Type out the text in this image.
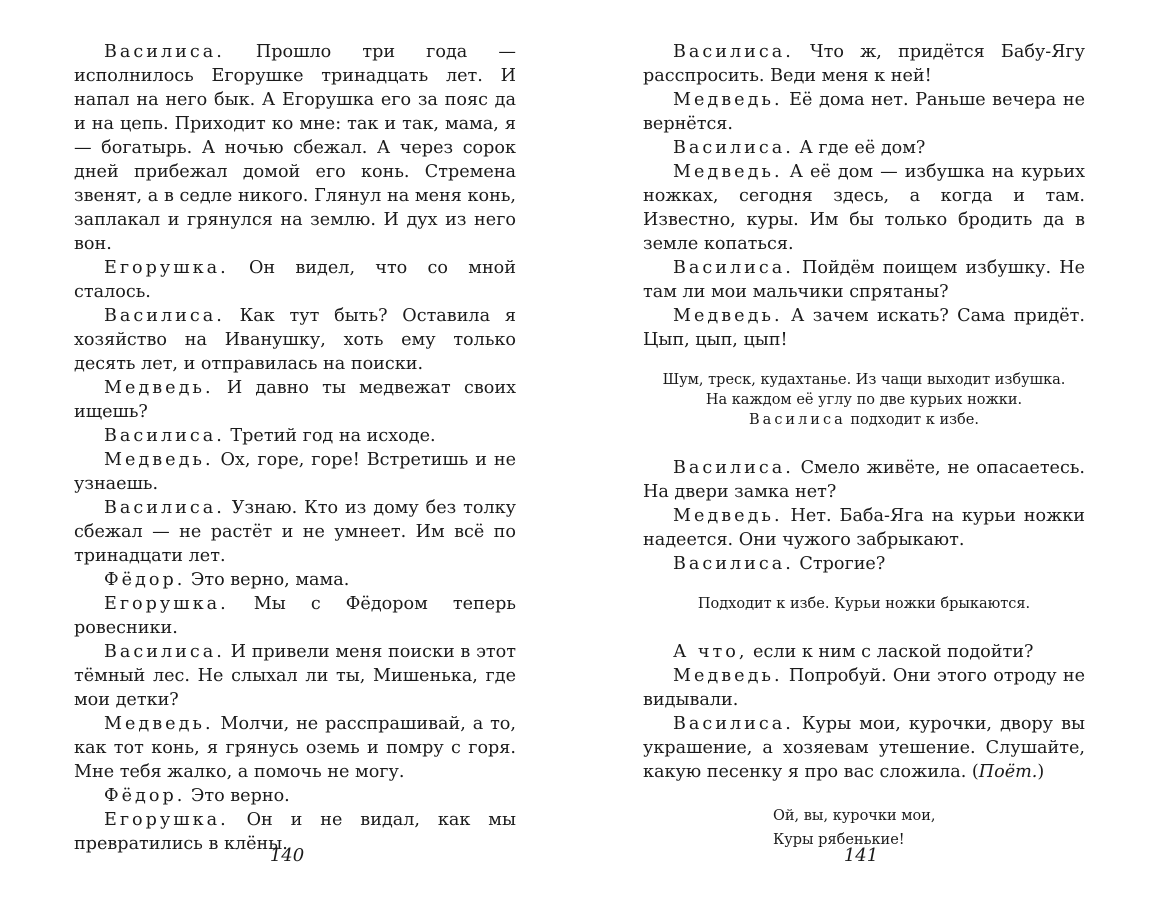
Василиса. Прошло три года — исполнилось Егорушке тринадцать лет. И напал на него бык. А Егорушка его за пояс да и на цепь. Приходит ко мне: так и так, мама, я — богатырь. А ночью сбежал. А через сорок дней прибежал домой его конь. Стремена звенят, а в седле никого. Глянул на меня конь, заплакал и грянулся на землю. И дух из него вон.

Егорушка. Он видел, что со мной сталось.

Василиса. Как тут быть? Оставила я хозяйство на Иванушку, хоть ему только десять лет, и отправилась на поиски.

Медведь. И давно ты медвежат своих ищешь?

Василиса. Третий год на исходе.

Медведь. Ох, горе, горе! Встретишь и не узнаешь.

Василиса. Узнаю. Кто из дому без толку сбежал — не растёт и не умнеет. Им всё по тринадцати лет.

Фёдор. Это верно, мама.

Егорушка. Мы с Фёдором теперь ровесники.

Василиса. И привели меня поиски в этот тёмный лес. Не слыхал ли ты, Мишенька, где мои детки?

Медведь. Молчи, не расспрашивай, а то, как тот конь, я грянусь оземь и помру с горя. Мне тебя жалко, а помочь не могу.

Фёдор. Это верно.

Егорушка. Он и не видал, как мы превратились в клёны.

140

Василиса. Что ж, придётся Бабу-Ягу расспросить. Веди меня к ней!

Медведь. Её дома нет. Раньше вечера не вернётся.

Василиса. А где её дом?

Медведь. А её дом — избушка на курьих ножках, сегодня здесь, а когда и там. Известно, куры. Им бы только бродить да в земле копаться.

Василиса. Пойдём поищем избушку. Не там ли мои мальчики спрятаны?

Медведь. А зачем искать? Сама придёт. Цып, цып, цып!

Шум, треск, кудахтанье. Из чащи выходит избушка. На каждом её углу по две курьих ножки. Василиса подходит к избе.

Василиса. Смело живёте, не опасаетесь. На двери замка нет?

Медведь. Нет. Баба-Яга на курьи ножки надеется. Они чужого забрыкают.

Василиса. Строгие?

Подходит к избе. Курьи ножки брыкаются.

А что, если к ним с лаской подойти?

Медведь. Попробуй. Они этого отроду не видывали.

Василиса. Куры мои, курочки, двору вы украшение, а хозяевам утешение. Слушайте, какую песенку я про вас сложила. (Поёт.)

Ой, вы, курочки мои,
Куры рябенькие!
141
